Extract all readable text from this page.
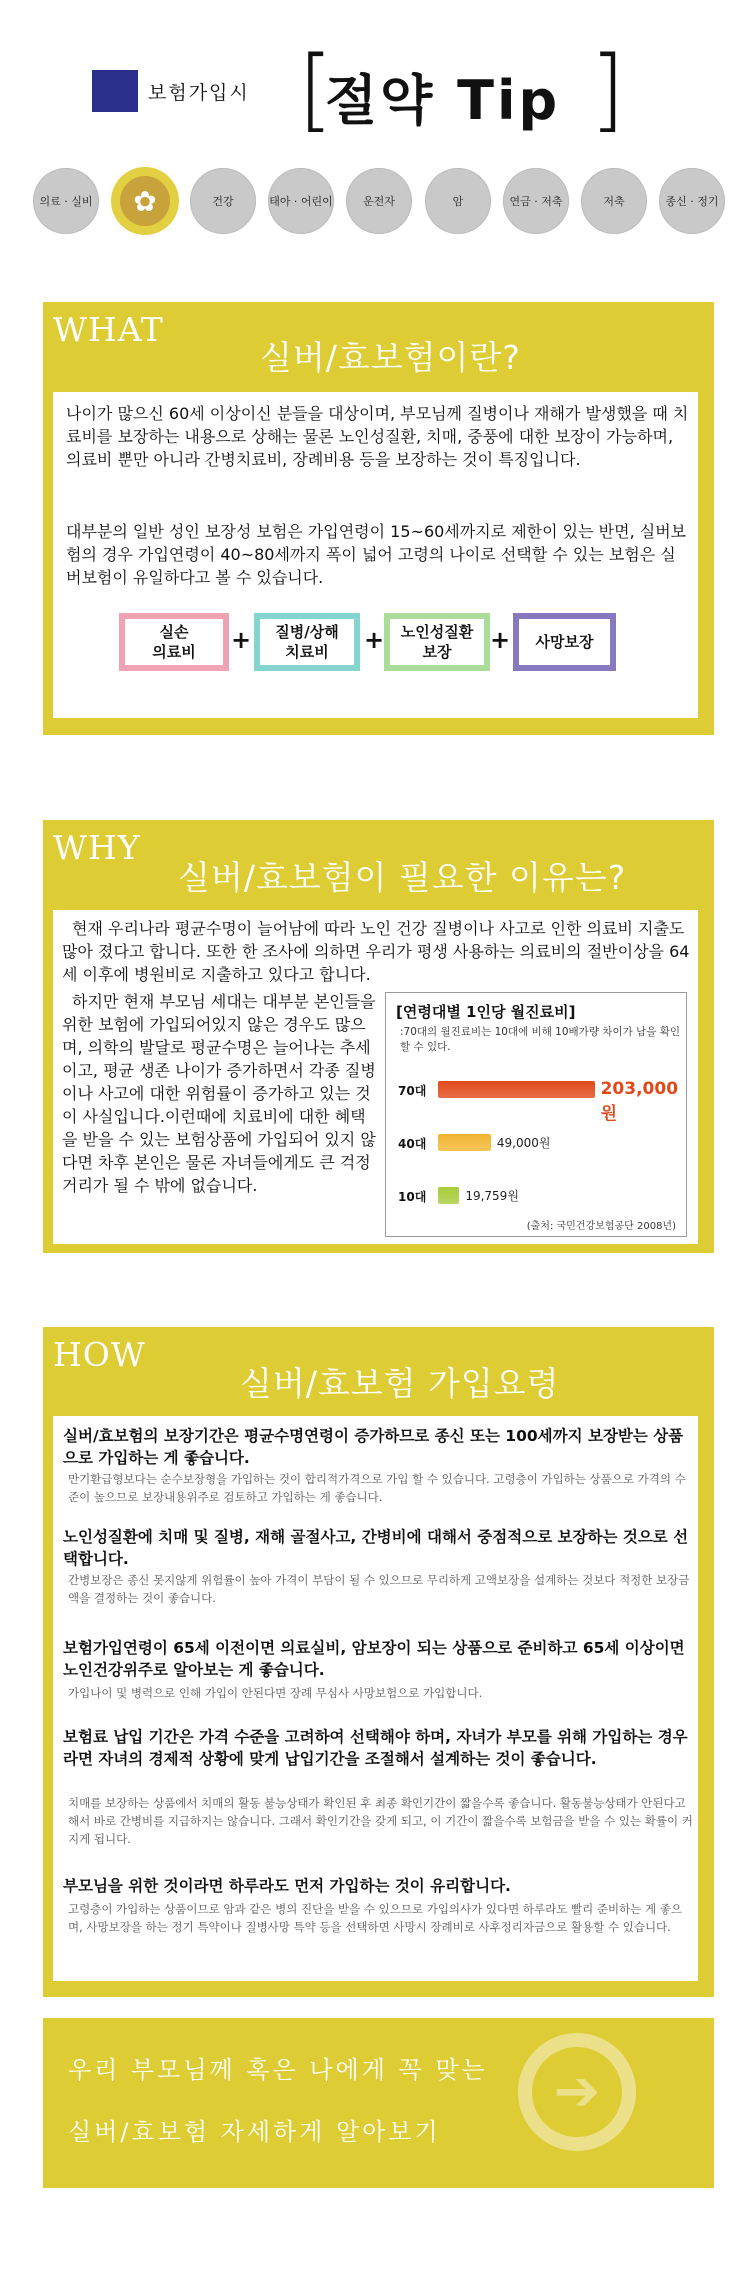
보험가입시 [
절약 Tip ]
의료 · 실비	✿	건강	태아 · 어린이	운전자	암	연금 · 저축	저축	종신 · 정기
WHAT
실버/효보험이란?
나이가 많으신 60세 이상이신 분들을 대상이며, 부모님께 질병이나 재해가 발생했을 때 치료비를 보장하는 내용으로 상해는 물론 노인성질환, 치매, 중풍에 대한 보장이 가능하며, 의료비 뿐만 아니라 간병치료비, 장례비용 등을 보장하는 것이 특징입니다.
대부분의 일반 성인 보장성 보험은 가입연령이 15~60세까지로 제한이 있는 반면, 실버보험의 경우 가입연령이 40~80세까지 폭이 넓어 고령의 나이로 선택할 수 있는 보험은 실버보험이 유일하다고 볼 수 있습니다.
실손
의료비 + 질병/상해
치료비	+ 노인성질환
보장	+ 사망보장
WHY
실버/효보험이 필요한 이유는?
현재 우리나라 평균수명이 늘어남에 따라 노인 건강 질병이나 사고로 인한 의료비 지출도 많아 졌다고 합니다. 또한 한 조사에 의하면 우리가 평생 사용하는 의료비의 절반이상을 64세 이후에 병원비로 지출하고 있다고 합니다.
하지만 현재 부모님 세대는 대부분 본인들을 위한 보험에 가입되어있지 않은 경우도 많으며, 의학의 발달로 평균수명은 늘어나는 추세이고, 평균 생존 나이가 증가하면서 각종 질병이나 사고에 대한 위험률이 증가하고 있는 것이 사실입니다.이런때에 치료비에 대한 혜택을 받을 수 있는 보험상품에 가입되어 있지 않다면 차후 본인은 물론 자녀들에게도 큰 걱정 거리가 될 수 밖에 없습니다.
[연령대별 1인당 월진료비]
:70대의 월진료비는 10대에 비해 10배가량 차이가 남을 확인할 수 있다.
70대	203,000원
40대	49,000원
10대	19,759원
(출처: 국민건강보험공단 2008년)
HOW
실버/효보험 가입요령
실버/효보험의 보장기간은 평균수명연령이 증가하므로 종신 또는 100세까지 보장받는 상품으로 가입하는 게 좋습니다.
만기환급형보다는 순수보장형을 가입하는 것이 합리적가격으로 가입 할 수 있습니다. 고령층이 가입하는 상품으로 가격의 수준이 높으므로 보장내용위주로 검토하고 가입하는 게 좋습니다.
노인성질환에 치매 및 질병, 재해 골절사고, 간병비에 대해서 중점적으로 보장하는 것으로 선택합니다.
간병보장은 종신 못지않게 위험률이 높아 가격이 부담이 될 수 있으므로 무리하게 고액보장을 설계하는 것보다 적정한 보장금액을 결정하는 것이 좋습니다.
보험가입연령이 65세 이전이면 의료실비, 암보장이 되는 상품으로 준비하고 65세 이상이면 노인건강위주로 알아보는 게 좋습니다.
가입나이 및 병력으로 인해 가입이 안된다면 장례 무심사 사망보험으로 가입합니다.
보험료 납입 기간은 가격 수준을 고려하여 선택해야 하며, 자녀가 부모를 위해 가입하는 경우라면 자녀의 경제적 상황에 맞게 납입기간을 조절해서 설계하는 것이 좋습니다.
치매를 보장하는 상품에서 치매의 활동 불능상태가 확인된 후 최종 확인기간이 짧을수록 좋습니다. 활동불능상태가 안된다고 해서 바로 간병비를 지급하지는 않습니다. 그래서 확인기간을 갖게 되고, 이 기간이 짧을수록 보험금을 받을 수 있는 확률이 커지게 됩니다.
부모님을 위한 것이라면 하루라도 먼저 가입하는 것이 유리합니다.
고령층이 가입하는 상품이므로 암과 같은 병의 진단을 받을 수 있으므로 가입의사가 있다면 하루라도 빨리 준비하는 게 좋으며, 사망보장을 하는 정기 특약이나 질병사망 특약 등을 선택하면 사망시 장례비로 사후정리자금으로 활용할 수 있습니다.
우리 부모님께 혹은 나에게 꼭 맞는
실버/효보험 자세하게 알아보기
➔
